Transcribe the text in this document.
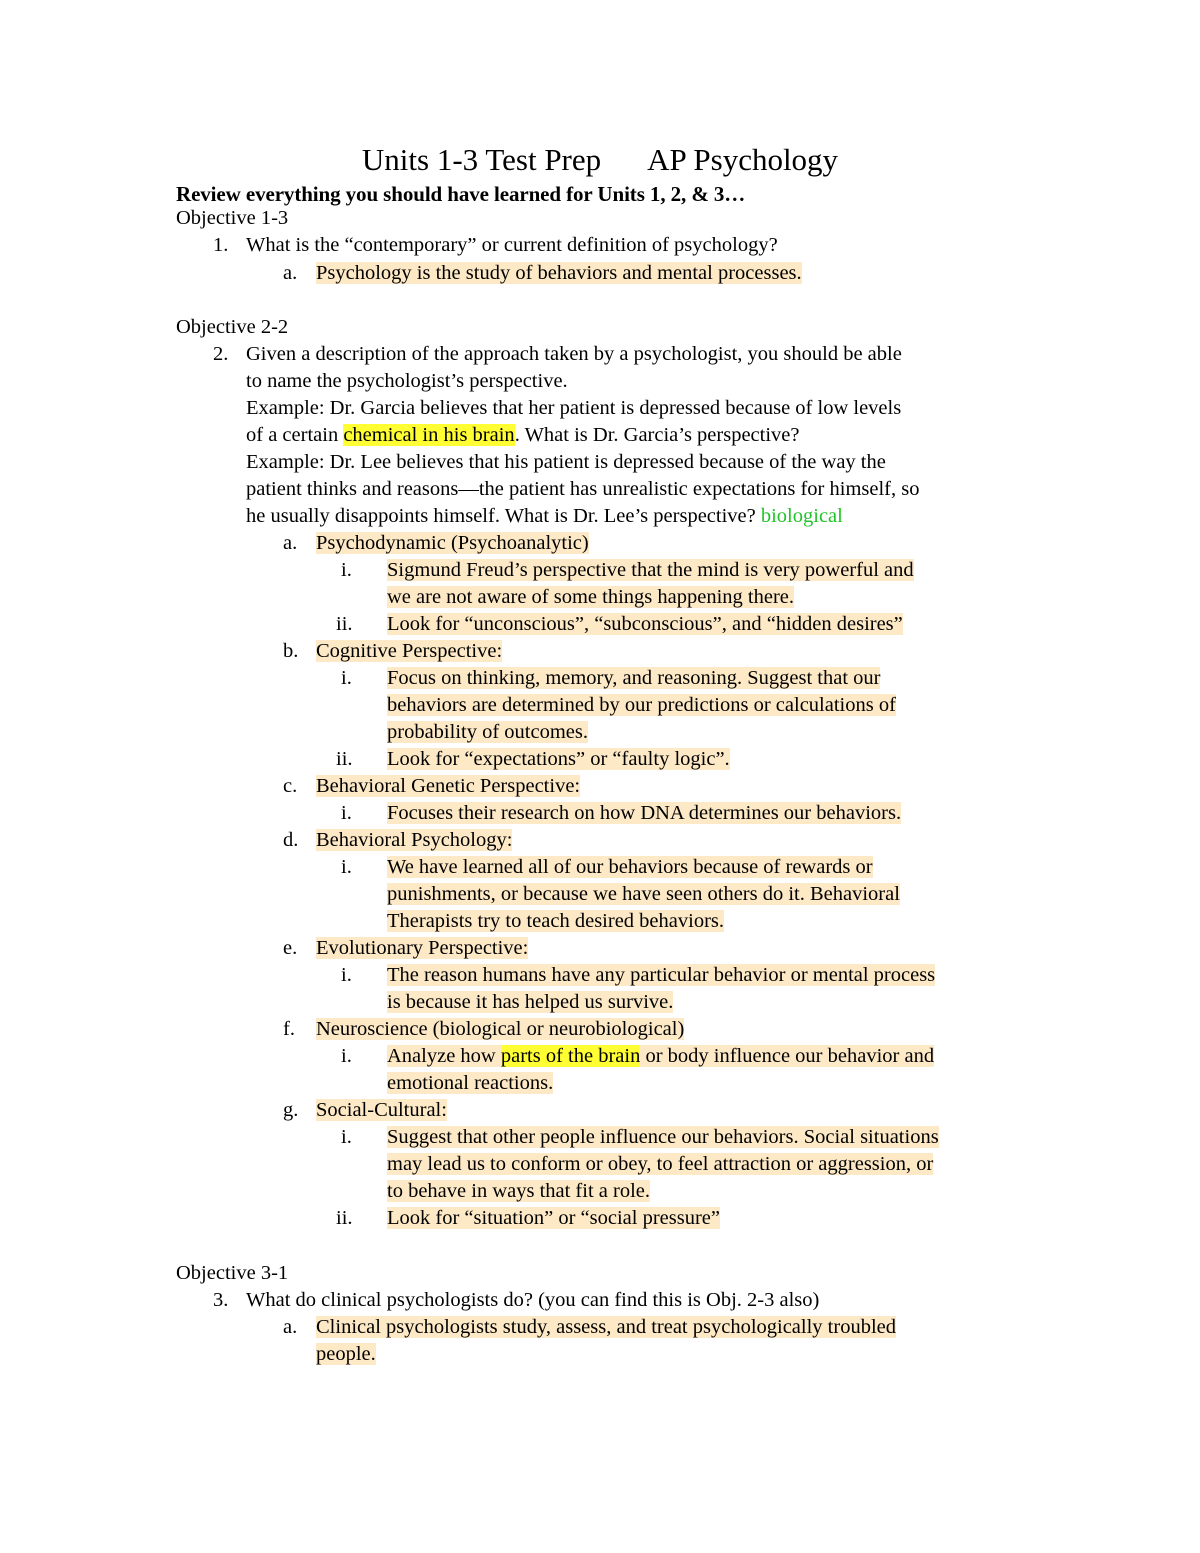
Units 1-3 Test Prep AP Psychology
Review everything you should have learned for Units 1, 2, & 3…
Objective 1-3
1. What is the “contemporary” or current definition of psychology?
a. Psychology is the study of behaviors and mental processes.
Objective 2-2
2. Given a description of the approach taken by a psychologist, you should be able
to name the psychologist’s perspective.
Example: Dr. Garcia believes that her patient is depressed because of low levels
of a certain chemical in his brain. What is Dr. Garcia’s perspective?
Example: Dr. Lee believes that his patient is depressed because of the way the
patient thinks and reasons—the patient has unrealistic expectations for himself, so
he usually disappoints himself. What is Dr. Lee’s perspective? biological
a. Psychodynamic (Psychoanalytic)
i. Sigmund Freud’s perspective that the mind is very powerful and
we are not aware of some things happening there.
ii. Look for “unconscious”, “subconscious”, and “hidden desires”
b. Cognitive Perspective:
i. Focus on thinking, memory, and reasoning. Suggest that our
behaviors are determined by our predictions or calculations of
probability of outcomes.
ii. Look for “expectations” or “faulty logic”.
c. Behavioral Genetic Perspective:
i. Focuses their research on how DNA determines our behaviors.
d. Behavioral Psychology:
i. We have learned all of our behaviors because of rewards or
punishments, or because we have seen others do it. Behavioral
Therapists try to teach desired behaviors.
e. Evolutionary Perspective:
i. The reason humans have any particular behavior or mental process
is because it has helped us survive.
f. Neuroscience (biological or neurobiological)
i. Analyze how parts of the brain or body influence our behavior and
emotional reactions.
g. Social-Cultural:
i. Suggest that other people influence our behaviors. Social situations
may lead us to conform or obey, to feel attraction or aggression, or
to behave in ways that fit a role.
ii. Look for “situation” or “social pressure”
Objective 3-1
3. What do clinical psychologists do? (you can find this is Obj. 2-3 also)
a. Clinical psychologists study, assess, and treat psychologically troubled
people.
